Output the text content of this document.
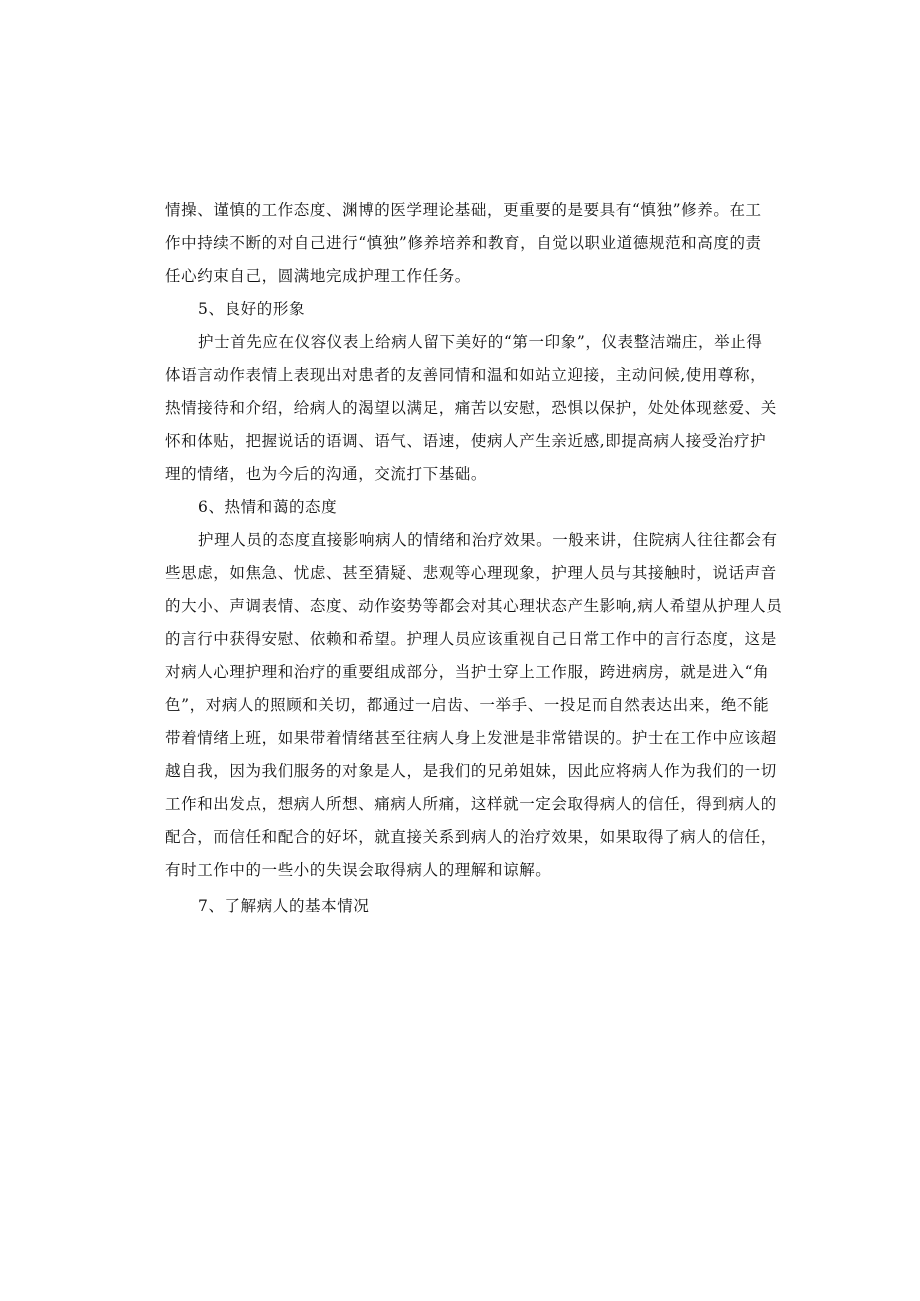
情操、谨慎的工作态度、渊博的医学理论基础，更重要的是要具有“慎独”修养。在工
作中持续不断的对自己进行“慎独”修养培养和教育，自觉以职业道德规范和高度的责
任心约束自己，圆满地完成护理工作任务。
5、良好的形象
护士首先应在仪容仪表上给病人留下美好的“第一印象”，仪表整洁端庄，举止得
体语言动作表情上表现出对患者的友善同情和温和如站立迎接，主动问候,使用尊称，
热情接待和介绍，给病人的渴望以满足，痛苦以安慰，恐惧以保护，处处体现慈爱、关
怀和体贴，把握说话的语调、语气、语速，使病人产生亲近感,即提高病人接受治疗护
理的情绪，也为今后的沟通，交流打下基础。
6、热情和蔼的态度
护理人员的态度直接影响病人的情绪和治疗效果。一般来讲，住院病人往往都会有
些思虑，如焦急、忧虑、甚至猜疑、悲观等心理现象，护理人员与其接触时，说话声音
的大小、声调表情、态度、动作姿势等都会对其心理状态产生影响,病人希望从护理人员
的言行中获得安慰、依赖和希望。护理人员应该重视自己日常工作中的言行态度，这是
对病人心理护理和治疗的重要组成部分，当护士穿上工作服，跨进病房，就是进入“角
色”，对病人的照顾和关切，都通过一启齿、一举手、一投足而自然表达出来，绝不能
带着情绪上班，如果带着情绪甚至往病人身上发泄是非常错误的。护士在工作中应该超
越自我，因为我们服务的对象是人，是我们的兄弟姐妹，因此应将病人作为我们的一切
工作和出发点，想病人所想、痛病人所痛，这样就一定会取得病人的信任，得到病人的
配合，而信任和配合的好坏，就直接关系到病人的治疗效果，如果取得了病人的信任，
有时工作中的一些小的失误会取得病人的理解和谅解。
7、了解病人的基本情况
